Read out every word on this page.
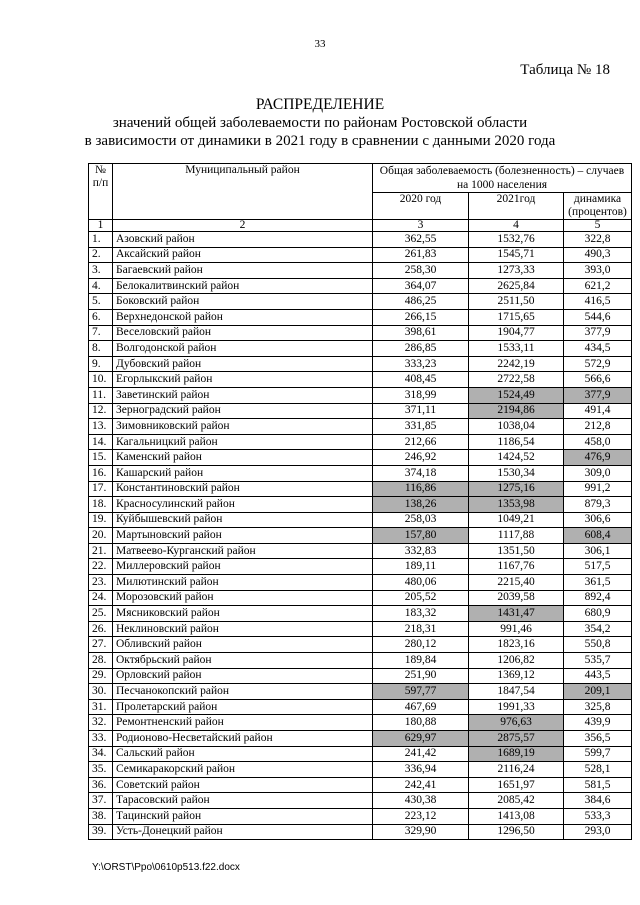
33
Таблица № 18
РАСПРЕДЕЛЕНИЕ
значений общей заболеваемости по районам Ростовской области
в зависимости от динамики в 2021 году в сравнении с данными 2020 года
№
п/п	Муниципальный район	Общая заболеваемость (болезненность) – случаев на 1000 населения		
		2020 год	2021год	динамика
(процентов)

1	2	3	4	5
1.	Азовский район	362,55	1532,76	322,8
2.	Аксайский район	261,83	1545,71	490,3
3.	Багаевский район	258,30	1273,33	393,0
4.	Белокалитвинский район	364,07	2625,84	621,2
5.	Боковский район	486,25	2511,50	416,5
6.	Верхнедонской район	266,15	1715,65	544,6
7.	Веселовский район	398,61	1904,77	377,9
8.	Волгодонской район	286,85	1533,11	434,5
9.	Дубовский район	333,23	2242,19	572,9
10.	Егорлыкский район	408,45	2722,58	566,6
11.	Заветинский район	318,99	1524,49	377,9
12.	Зерноградский район	371,11	2194,86	491,4
13.	Зимовниковский район	331,85	1038,04	212,8
14.	Кагальницкий район	212,66	1186,54	458,0
15.	Каменский район	246,92	1424,52	476,9
16.	Кашарский район	374,18	1530,34	309,0
17.	Константиновский район	116,86	1275,16	991,2
18.	Красносулинский район	138,26	1353,98	879,3
19.	Куйбышевский район	258,03	1049,21	306,6
20.	Мартыновский район	157,80	1117,88	608,4
21.	Матвеево-Курганский район	332,83	1351,50	306,1
22.	Миллеровский район	189,11	1167,76	517,5
23.	Милютинский район	480,06	2215,40	361,5
24.	Морозовский район	205,52	2039,58	892,4
25.	Мясниковский район	183,32	1431,47	680,9
26.	Неклиновский район	218,31	991,46	354,2
27.	Обливский район	280,12	1823,16	550,8
28.	Октябрьский район	189,84	1206,82	535,7
29.	Орловский район	251,90	1369,12	443,5
30.	Песчанокопский район	597,77	1847,54	209,1
31.	Пролетарский район	467,69	1991,33	325,8
32.	Ремонтненский район	180,88	976,63	439,9
33.	Родионово-Несветайский район	629,97	2875,57	356,5
34.	Сальский район	241,42	1689,19	599,7
35.	Семикаракорский район	336,94	2116,24	528,1
36.	Советский район	242,41	1651,97	581,5
37.	Тарасовский район	430,38	2085,42	384,6
38.	Тацинский район	223,12	1413,08	533,3
39.	Усть-Донецкий район	329,90	1296,50	293,0
Y:\ORST\Ppo\0610p513.f22.docx
